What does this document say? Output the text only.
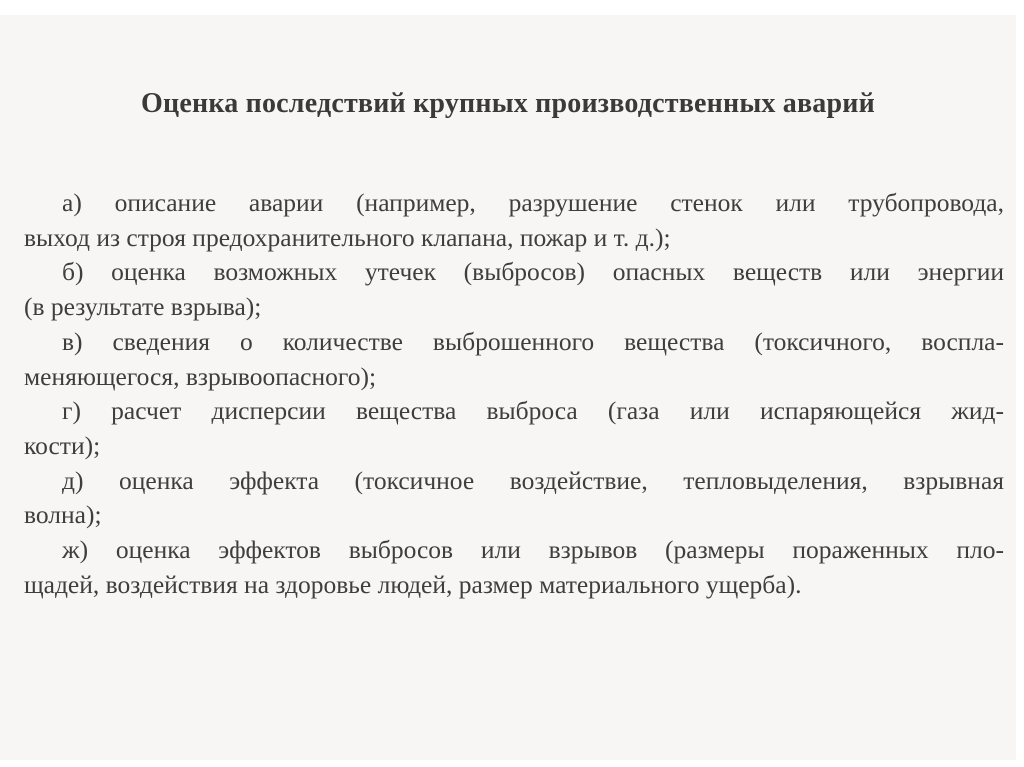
Оценка последствий крупных производственных аварий
а) описание аварии (например, разрушение стенок или трубопровода,
выход из строя предохранительного клапана, пожар и т. д.);
б) оценка возможных утечек (выбросов) опасных веществ или энергии
(в результате взрыва);
в) сведения о количестве выброшенного вещества (токсичного, воспла-
меняющегося, взрывоопасного);
г) расчет дисперсии вещества выброса (газа или испаряющейся жид-
кости);
д) оценка эффекта (токсичное воздействие, тепловыделения, взрывная
волна);
ж) оценка эффектов выбросов или взрывов (размеры пораженных пло-
щадей, воздействия на здоровье людей, размер материального ущерба).
